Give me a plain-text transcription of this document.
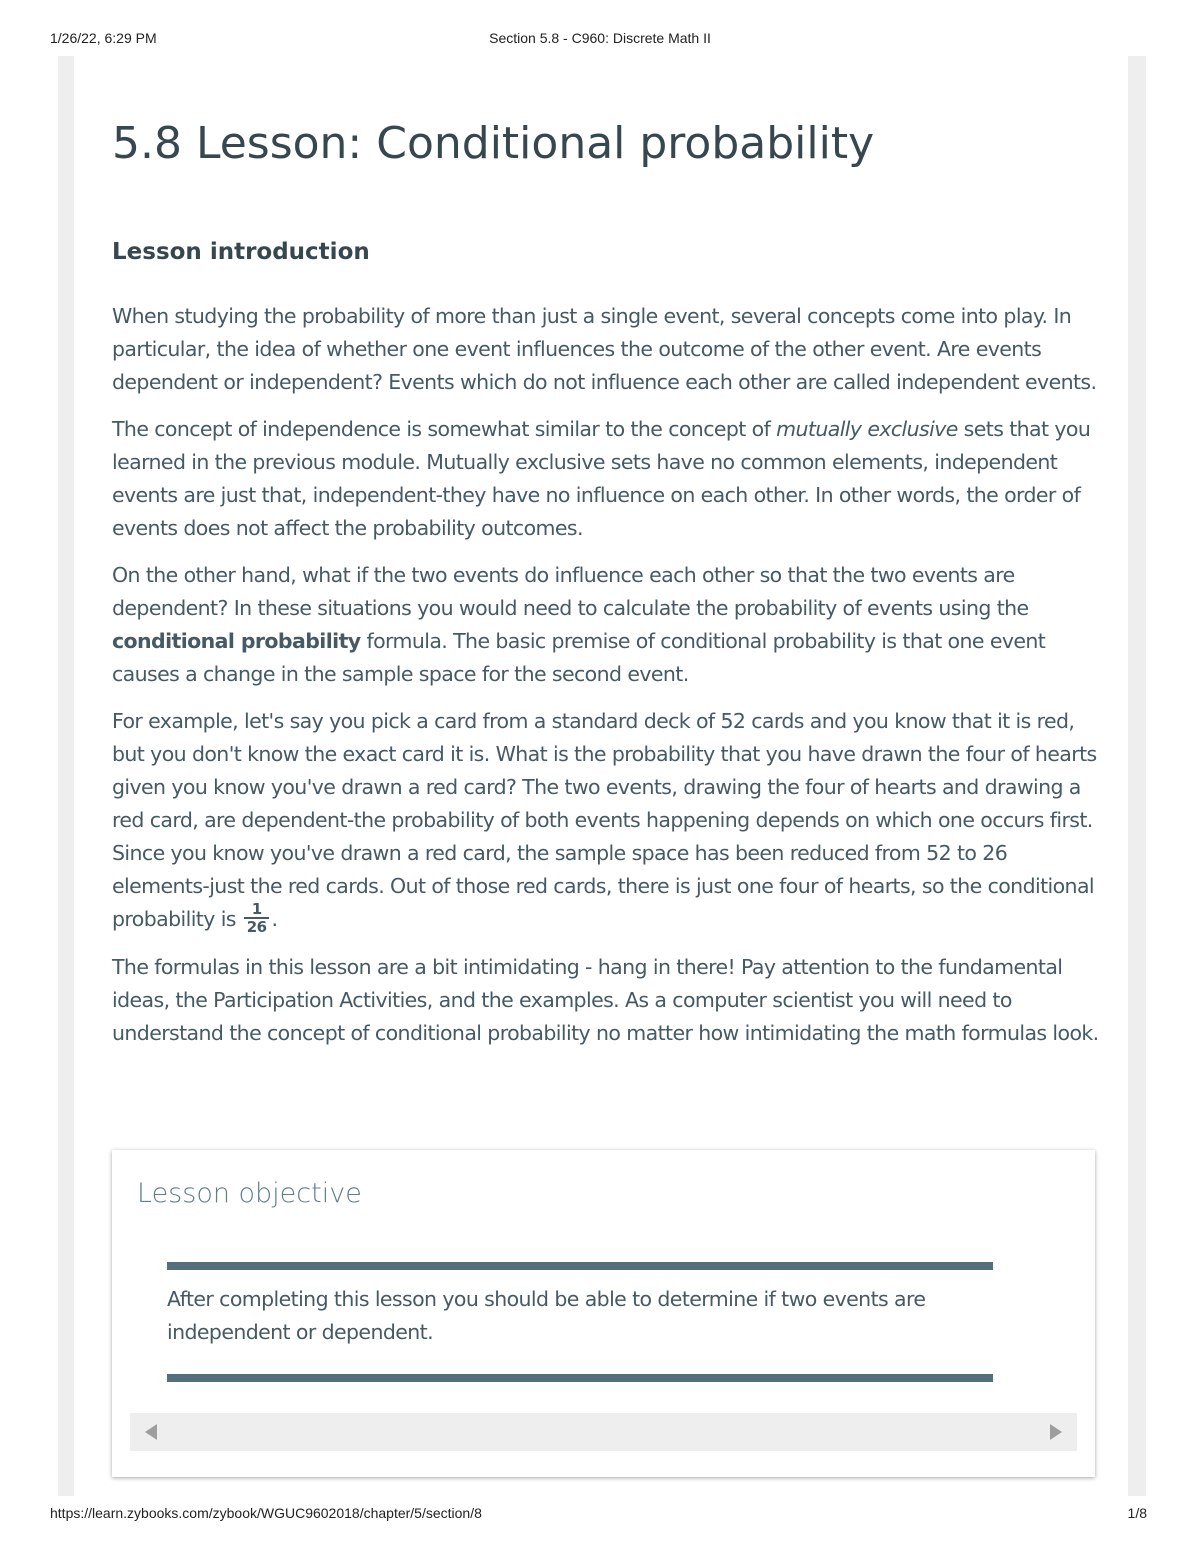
1/26/22, 6:29 PM	Section 5.8 - C960: Discrete Math II
5.8 Lesson: Conditional probability
Lesson introduction

When studying the probability of more than just a single event, several concepts come into play. In particular, the idea of whether one event influences the outcome of the other event. Are events dependent or independent? Events which do not influence each other are called independent events.

The concept of independence is somewhat similar to the concept of mutually exclusive sets that you learned in the previous module. Mutually exclusive sets have no common elements, independent events are just that, independent-they have no influence on each other. In other words, the order of events does not affect the probability outcomes.

On the other hand, what if the two events do influence each other so that the two events are dependent? In these situations you would need to calculate the probability of events using the conditional probability formula. The basic premise of conditional probability is that one event causes a change in the sample space for the second event.

For example, let's say you pick a card from a standard deck of 52 cards and you know that it is red, but you don't know the exact card it is. What is the probability that you have drawn the four of hearts given you know you've drawn a red card? The two events, drawing the four of hearts and drawing a red card, are dependent-the probability of both events happening depends on which one occurs first. Since you know you've drawn a red card, the sample space has been reduced from 52 to 26 elements-just the red cards. Out of those red cards, there is just one four of hearts, so the conditional probability is $\frac{1}{26}$ .

The formulas in this lesson are a bit intimidating - hang in there! Pay attention to the fundamental ideas, the Participation Activities, and the examples. As a computer scientist you will need to understand the concept of conditional probability no matter how intimidating the math formulas look.

Lesson objective
After completing this lesson you should be able to determine if two events are independent or dependent.
https://learn.zybooks.com/zybook/WGUC9602018/chapter/5/section/8	1/8
